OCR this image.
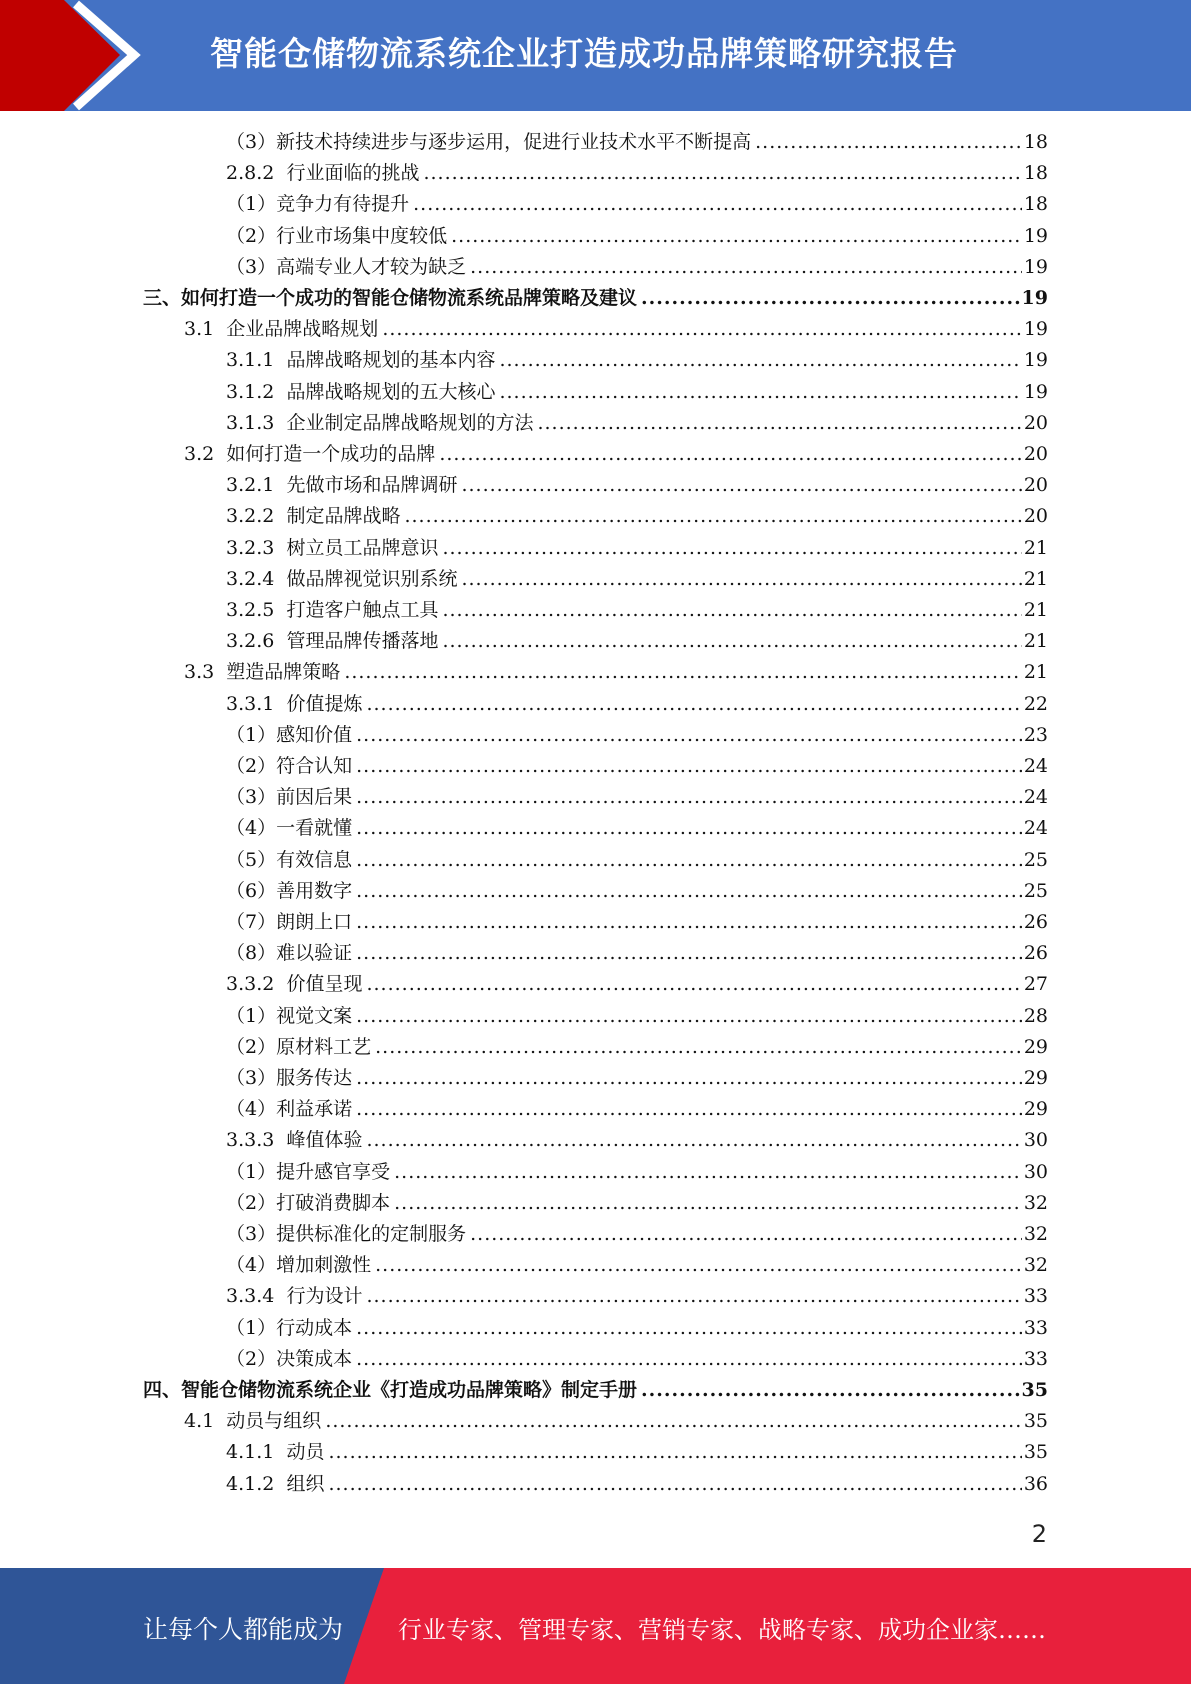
智能仓储物流系统企业打造成功品牌策略研究报告
（3） 新技术持续进步与逐步运用，促进行业技术水平不断提高 .....	18
2.8.2 行业面临的挑战 .....	18
（1） 竞争力有待提升 .....	18
（2） 行业市场集中度较低 .....	19
（3） 高端专业人才较为缺乏 .....	19
三、 如何打造一个成功的智能仓储物流系统品牌策略及建议 .....	19
3.1 企业品牌战略规划 .....	19
3.1.1 品牌战略规划的基本内容 .....	19
3.1.2 品牌战略规划的五大核心 .....	19
3.1.3 企业制定品牌战略规划的方法 .....	20
3.2 如何打造一个成功的品牌 .....	20
3.2.1 先做市场和品牌调研 .....	20
3.2.2 制定品牌战略 .....	20
3.2.3 树立员工品牌意识 .....	21
3.2.4 做品牌视觉识别系统 .....	21
3.2.5 打造客户触点工具 .....	21
3.2.6 管理品牌传播落地 .....	21
3.3 塑造品牌策略 .....	21
3.3.1 价值提炼 .....	22
（1） 感知价值 .....	23
（2） 符合认知 .....	24
（3） 前因后果 .....	24
（4） 一看就懂 .....	24
（5） 有效信息 .....	25
（6） 善用数字 .....	25
（7） 朗朗上口 .....	26
（8） 难以验证 .....	26
3.3.2 价值呈现 .....	27
（1） 视觉文案 .....	28
（2） 原材料工艺 .....	29
（3） 服务传达 .....	29
（4） 利益承诺 .....	29
3.3.3 峰值体验 .....	30
（1） 提升感官享受 .....	30
（2） 打破消费脚本 .....	32
（3） 提供标准化的定制服务 .....	32
（4） 增加刺激性 .....	32
3.3.4 行为设计 .....	33
（1） 行动成本 .....	33
（2） 决策成本 .....	33
四、 智能仓储物流系统企业《打造成功品牌策略》制定手册 .....	35
4.1 动员与组织 .....	35
4.1.1 动员 .....	35
4.1.2 组织 .....	36
2
让每个人都能成为 行业专家、管理专家、营销专家、战略专家、成功企业家……
